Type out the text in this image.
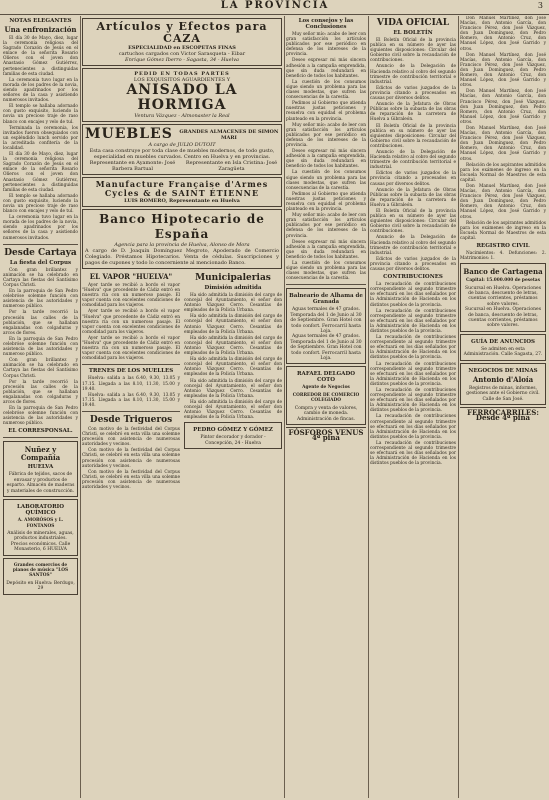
LA PROVINCIA	3
NOTAS ELEGANTES
Una enfronización

El día 30 de Mayo, diez, lugar la ceremonia religiosa del Sagrado Corazón de Jesús en el enlace de la señorita Rosario Olíeros con el joven don Anastasio Gómez Gutiérrez, pertenecientes a distinguidas familias de esta ciudad.

La ceremonia tuvo lugar en la morada de los padres de la novia, siendo apadrinados por los señores de la casa y asistiendo numerosos invitados.

El templo se hallaba adornado con gusto exquisito, luciendo la novia un precioso traje de raso blanco con encajes y velo de tul.

Terminada la ceremonia, los invitados fueron obsequiados con un espléndido lunch servido por la acreditada confitería de la localidad.

El día 30 de Mayo, diez, lugar la ceremonia religiosa del Sagrado Corazón de Jesús en el enlace de la señorita Rosario Olíeros con el joven don Anastasio Gómez Gutiérrez, pertenecientes a distinguidas familias de esta ciudad.

El templo se hallaba adornado con gusto exquisito, luciendo la novia un precioso traje de raso blanco con encajes y velo de tul.

La ceremonia tuvo lugar en la morada de los padres de la novia, siendo apadrinados por los señores de la casa y asistiendo numerosos invitados.

Desde Cartaya
La fiesta del Corpus

Con gran brillantez y animación se ha celebrado en Cartaya las fiestas del Santísimo Corpus Christi.

En la parroquia de San Pedro celebróse solemne función con asistencia de las autoridades y numeroso público.

Por la tarde recorrió la procesión las calles de la población, que se hallaban engalanadas con colgaduras y arcos de flores.

En la parroquia de San Pedro celebróse solemne función con asistencia de las autoridades y numeroso público.

Con gran brillantez y animación se ha celebrado en Cartaya las fiestas del Santísimo Corpus Christi.

Por la tarde recorrió la procesión las calles de la población, que se hallaban engalanadas con colgaduras y arcos de flores.

En la parroquia de San Pedro celebróse solemne función con asistencia de las autoridades y numeroso público.

EL CORRESPONSAL.
Nuñez y Compañía
HUELVA
Fábrica de tejidos, sacos de envasar y productos de esparto. Almacén de maderas y materiales de construcción.
LABORATORIO QUÍMICO
A. AMORÓSOS y L. FONTANOS
Análisis de minerales, aguas, productos industriales. Precios económicos. Calle Monasterio, 6 HUELVA
Grandes comercios de pianos de música "LOS SANTOS"
Depósito en Huelva: Berdugo, 29
Artículos y Efectos para CAZA
ESPECIALIDAD en ESCOPETAS FINAS
cartuchos cargados con Victor Sarasqueta - Eibar
Enrique Gómez Iberro - Sagasta, 34 - Huelva
PEDID EN TODAS PARTES
LOS EXQUISITOS AGUARDIENTES Y
ANISADO LA HORMIGA
Ventura Vázquez - Almonaster la Real
MUEBLES GRANDES ALMACENES DE SIMON MARI
A cargo de JULIO DUTOIT
Esta casa construye por toda clase de muebles modernos, de todo gusto, especialidad en muebles curvados. Centro en Huelva y en provincias.
Representante en Ayamonte: José Barbera Bartual
Representante en Isla Cristina: José Zaragüeta
Manufacture Française d'Armes Cycles & de SAINT ÉTIENNE
LUIS ROMERO, Representante en Huelva
Banco Hipotecario de España
Agencia para la provincia de Huelva, Alonso de Mora
A cargo de D. Joaquín Domínguez Megroto, Apoderado de Comercio Colegiado. Préstamos Hipotecarios. Venta de cédulas. Suscripciones y pagos de cupones y todo lo concerniente al mencionado Banco.
EL VAPOR "HUELVA"

Ayer tarde se recibió a bordo el vapor "Huelva" que procedente de Cádiz entró en nuestra ría con un numeroso pasaje. El vapor cuenta con excelentes condiciones de comodidad para los viajeros.

Ayer tarde se recibió a bordo el vapor "Huelva" que procedente de Cádiz entró en nuestra ría con un numeroso pasaje. El vapor cuenta con excelentes condiciones de comodidad para los viajeros.

Ayer tarde se recibió a bordo el vapor "Huelva" que procedente de Cádiz entró en nuestra ría con un numeroso pasaje. El vapor cuenta con excelentes condiciones de comodidad para los viajeros.

TRENES DE LOS MUELLES

Huelva: salida a las 6.40, 9.30, 13.05 y 17.15. Llegada a las 8.10, 11.30, 15.00 y 19.40.

Huelva: salida a las 6.40, 9.30, 13.05 y 17.15. Llegada a las 8.10, 11.30, 15.00 y 19.40.

Desde Trigueros

Con motivo de la festividad del Corpus Christi, se celebró en esta villa una solemne procesión con asistencia de numerosas autoridades y vecinos.

Con motivo de la festividad del Corpus Christi, se celebró en esta villa una solemne procesión con asistencia de numerosas autoridades y vecinos.

Con motivo de la festividad del Corpus Christi, se celebró en esta villa una solemne procesión con asistencia de numerosas autoridades y vecinos.

Municipalerias
Dimisión admitida

Ha sido admitida la dimisión del cargo de concejal del Ayuntamiento, el señor don Antonio Vázquez Cerro. Cesantías de empleados de la Policía Urbana.

Ha sido admitida la dimisión del cargo de concejal del Ayuntamiento, el señor don Antonio Vázquez Cerro. Cesantías de empleados de la Policía Urbana.

Ha sido admitida la dimisión del cargo de concejal del Ayuntamiento, el señor don Antonio Vázquez Cerro. Cesantías de empleados de la Policía Urbana.

Ha sido admitida la dimisión del cargo de concejal del Ayuntamiento, el señor don Antonio Vázquez Cerro. Cesantías de empleados de la Policía Urbana.

Ha sido admitida la dimisión del cargo de concejal del Ayuntamiento, el señor don Antonio Vázquez Cerro. Cesantías de empleados de la Policía Urbana.

Ha sido admitida la dimisión del cargo de concejal del Ayuntamiento, el señor don Antonio Vázquez Cerro. Cesantías de empleados de la Policía Urbana.

PEDRO GÓMEZ Y GÓMEZ
Pintor decorador y dorador - Concepción, 24 - Huelva
Los consejos y las Conclusiones

Muy señor mío: acabo de leer con gran satisfacción los artículos publicados por ese periódico en defensa de los intereses de la provincia.

Deseo expresar mi más sincera adhesión a la campaña emprendida, que sin duda redundará en beneficio de todos los habitantes.

La cuestión de los consumos sigue siendo un problema para las clases modestas, que sufren las consecuencias de la carestía.

Pedimos al Gobierno que atienda nuestras justas peticiones y resuelva con equidad el problema planteado en la provincia.

Muy señor mío: acabo de leer con gran satisfacción los artículos publicados por ese periódico en defensa de los intereses de la provincia.

Deseo expresar mi más sincera adhesión a la campaña emprendida, que sin duda redundará en beneficio de todos los habitantes.

La cuestión de los consumos sigue siendo un problema para las clases modestas, que sufren las consecuencias de la carestía.

Pedimos al Gobierno que atienda nuestras justas peticiones y resuelva con equidad el problema planteado en la provincia.

Muy señor mío: acabo de leer con gran satisfacción los artículos publicados por ese periódico en defensa de los intereses de la provincia.

Deseo expresar mi más sincera adhesión a la campaña emprendida, que sin duda redundará en beneficio de todos los habitantes.

La cuestión de los consumos sigue siendo un problema para las clases modestas, que sufren las consecuencias de la carestía.

Balneario de Alhama de Granada
Aguas termales de 47 grados. Temporada del 1 de Junio al 30 de Septiembre. Gran Hotel con todo confort. Ferrocarril hasta Loja.
Aguas termales de 47 grados. Temporada del 1 de Junio al 30 de Septiembre. Gran Hotel con todo confort. Ferrocarril hasta Loja.
RAFAEL DELGADO COTO
Agente de Negocios
CORREDOR DE COMERCIO COLEGIADO
Compra y venta de valores, cambio de moneda. Administración de fincas.
FÓSFOROS VENUS 4ª pina
VIDA OFICIAL
EL BOLETÍN

El Boletín Oficial de la provincia publica en su número de ayer las siguientes disposiciones: Circular del Gobierno civil sobre la recaudación de contribuciones.

Anuncio de la Delegación de Hacienda relativo al cobro del segundo trimestre de contribución territorial e industrial.

Edictos de varios juzgados de la provincia citando a procesados en causas por diversos delitos.

Anuncio de la Jefatura de Obras Públicas sobre la subasta de las obras de reparación de la carretera de Huelva a Gibraleón.

El Boletín Oficial de la provincia publica en su número de ayer las siguientes disposiciones: Circular del Gobierno civil sobre la recaudación de contribuciones.

Anuncio de la Delegación de Hacienda relativo al cobro del segundo trimestre de contribución territorial e industrial.

Edictos de varios juzgados de la provincia citando a procesados en causas por diversos delitos.

Anuncio de la Jefatura de Obras Públicas sobre la subasta de las obras de reparación de la carretera de Huelva a Gibraleón.

El Boletín Oficial de la provincia publica en su número de ayer las siguientes disposiciones: Circular del Gobierno civil sobre la recaudación de contribuciones.

Anuncio de la Delegación de Hacienda relativo al cobro del segundo trimestre de contribución territorial e industrial.

Edictos de varios juzgados de la provincia citando a procesados en causas por diversos delitos.

CONTRIBUCIONES

La recaudación de contribuciones correspondiente al segundo trimestre se efectuará en los días señalados por la Administración de Hacienda en los distintos pueblos de la provincia.

La recaudación de contribuciones correspondiente al segundo trimestre se efectuará en los días señalados por la Administración de Hacienda en los distintos pueblos de la provincia.

La recaudación de contribuciones correspondiente al segundo trimestre se efectuará en los días señalados por la Administración de Hacienda en los distintos pueblos de la provincia.

La recaudación de contribuciones correspondiente al segundo trimestre se efectuará en los días señalados por la Administración de Hacienda en los distintos pueblos de la provincia.

La recaudación de contribuciones correspondiente al segundo trimestre se efectuará en los días señalados por la Administración de Hacienda en los distintos pueblos de la provincia.

La recaudación de contribuciones correspondiente al segundo trimestre se efectuará en los días señalados por la Administración de Hacienda en los distintos pueblos de la provincia.

La recaudación de contribuciones correspondiente al segundo trimestre se efectuará en los días señalados por la Administración de Hacienda en los distintos pueblos de la provincia.

Don Manuel Martínez, don José Macías, don Antonio García, don Francisco Pérez, don José Vázquez, don Juan Domínguez, don Pedro Romero, don Antonio Cruz, don Manuel López, don José Garrido y otros.

Don Manuel Martínez, don José Macías, don Antonio García, don Francisco Pérez, don José Vázquez, don Juan Domínguez, don Pedro Romero, don Antonio Cruz, don Manuel López, don José Garrido y otros.

Don Manuel Martínez, don José Macías, don Antonio García, don Francisco Pérez, don José Vázquez, don Juan Domínguez, don Pedro Romero, don Antonio Cruz, don Manuel López, don José Garrido y otros.

Don Manuel Martínez, don José Macías, don Antonio García, don Francisco Pérez, don José Vázquez, don Juan Domínguez, don Pedro Romero, don Antonio Cruz, don Manuel López, don José Garrido y otros.

Relación de los aspirantes admitidos para los exámenes de ingreso en la Escuela Normal de Maestros de esta capital.

Don Manuel Martínez, don José Macías, don Antonio García, don Francisco Pérez, don José Vázquez, don Juan Domínguez, don Pedro Romero, don Antonio Cruz, don Manuel López, don José Garrido y otros.

Relación de los aspirantes admitidos para los exámenes de ingreso en la Escuela Normal de Maestros de esta capital.

REGISTRO CIVIL

Nacimientos: 4. Defunciones: 2. Matrimonios: 1.

Banco de Cartagena
Capital: 15.000.000 de pesetas
Sucursal en Huelva. Operaciones de banca, descuento de letras, cuentas corrientes, préstamos sobre valores.
Sucursal en Huelva. Operaciones de banca, descuento de letras, cuentas corrientes, préstamos sobre valores.
GUÍA DE ANUNCIOS
Se admiten en esta Administración. Calle Sagasta, 27.
NEGOCIOS DE MINAS
Antonio d'Aloía
Registros de minas, informes, gestiones ante el Gobierno civil. Calle de San José.
FERROCARRILES: Desde 4ª pina
